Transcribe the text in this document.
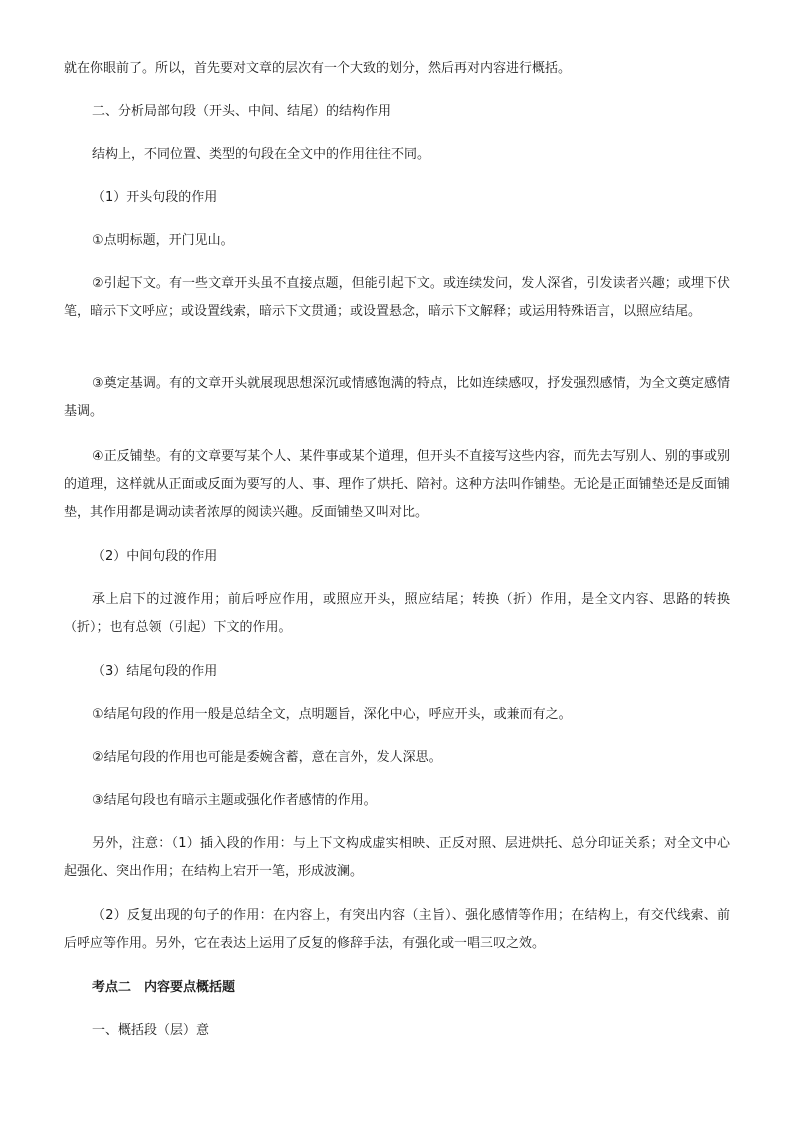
就在你眼前了。所以，首先要对文章的层次有一个大致的划分，然后再对内容进行概括。

二、分析局部句段（开头、中间、结尾）的结构作用

结构上，不同位置、类型的句段在全文中的作用往往不同。

（1）开头句段的作用

①点明标题，开门见山。

②引起下文。有一些文章开头虽不直接点题，但能引起下文。或连续发问，发人深省，引发读者兴趣；或埋下伏笔，暗示下文呼应；或设置线索，暗示下文贯通；或设置悬念，暗示下文解释；或运用特殊语言，以照应结尾。

③奠定基调。有的文章开头就展现思想深沉或情感饱满的特点，比如连续感叹，抒发强烈感情，为全文奠定感情基调。

④正反铺垫。有的文章要写某个人、某件事或某个道理，但开头不直接写这些内容，而先去写别人、别的事或别的道理，这样就从正面或反面为要写的人、事、理作了烘托、陪衬。这种方法叫作铺垫。无论是正面铺垫还是反面铺垫，其作用都是调动读者浓厚的阅读兴趣。反面铺垫又叫对比。

（2）中间句段的作用

承上启下的过渡作用；前后呼应作用，或照应开头，照应结尾；转换（折）作用，是全文内容、思路的转换（折）；也有总领（引起）下文的作用。

（3）结尾句段的作用

①结尾句段的作用一般是总结全文，点明题旨，深化中心，呼应开头，或兼而有之。

②结尾句段的作用也可能是委婉含蓄，意在言外，发人深思。

③结尾句段也有暗示主题或强化作者感情的作用。

另外，注意：（1）插入段的作用：与上下文构成虚实相映、正反对照、层进烘托、总分印证关系；对全文中心起强化、突出作用；在结构上宕开一笔，形成波澜。

（2）反复出现的句子的作用：在内容上，有突出内容（主旨）、强化感情等作用；在结构上，有交代线索、前后呼应等作用。另外，它在表达上运用了反复的修辞手法，有强化或一唱三叹之效。

考点二　内容要点概括题

一、概括段（层）意
